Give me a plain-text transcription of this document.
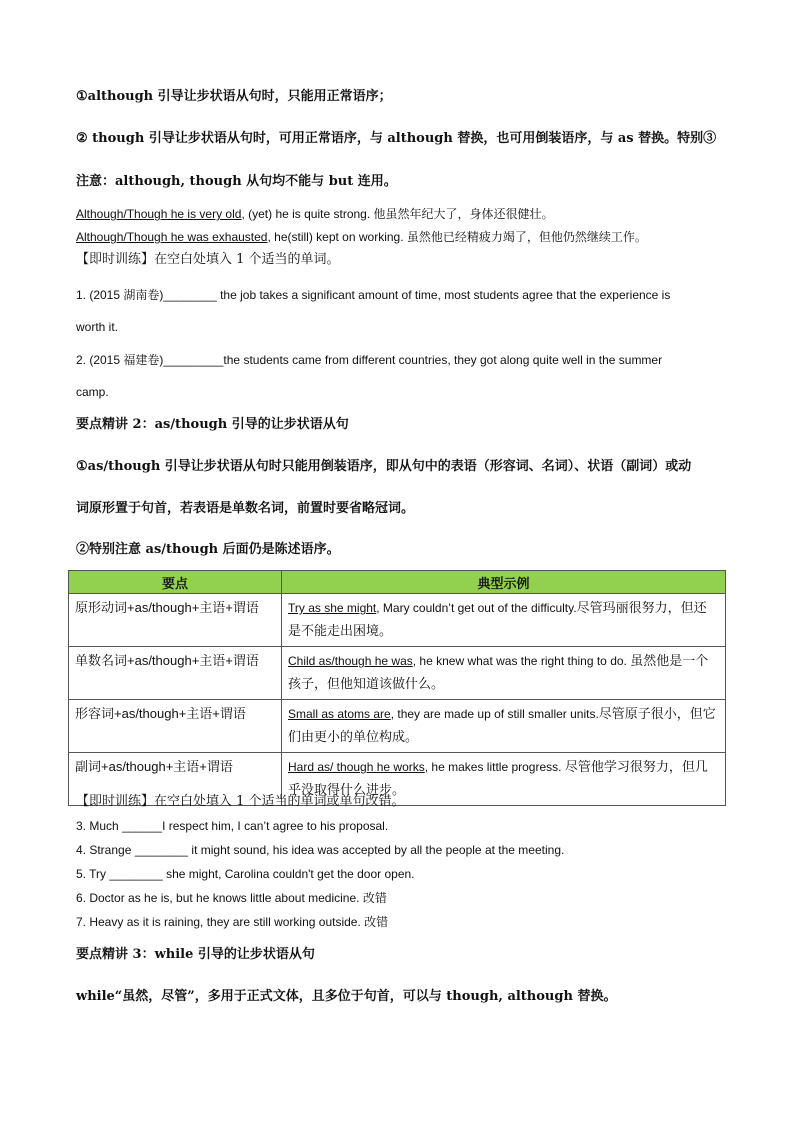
①although 引导让步状语从句时，只能用正常语序；
② though 引导让步状语从句时，可用正常语序，与 although 替换，也可用倒装语序，与 as 替换。特别③
注意：although, though 从句均不能与 but 连用。
Although/Though he is very old, (yet) he is quite strong. 他虽然年纪大了，身体还很健壮。
Although/Though he was exhausted, he(still) kept on working. 虽然他已经精疲力竭了，但他仍然继续工作。
【即时训练】在空白处填入 1 个适当的单词。
1. (2015 湖南卷)________ the job takes a significant amount of time, most students agree that the experience is
worth it.
2. (2015 福建卷)_________the students came from different countries, they got along quite well in the summer
camp.
要点精讲 2：as/though 引导的让步状语从句
①as/though 引导让步状语从句时只能用倒装语序，即从句中的表语（形容词、名词）、状语（副词）或动
词原形置于句首，若表语是单数名词，前置时要省略冠词。
②特别注意 as/though 后面仍是陈述语序。
要点	典型示例
原形动词+as/though+主语+谓语	Try as she might, Mary couldn’t get out of the difficulty.尽管玛丽很努力，但还是不能走出困境。
单数名词+as/though+主语+谓语	Child as/though he was, he knew what was the right thing to do. 虽然他是一个孩子，但他知道该做什么。
形容词+as/though+主语+谓语	Small as atoms are, they are made up of still smaller units.尽管原子很小，但它们由更小的单位构成。
副词+as/though+主语+谓语	Hard as/ though he works, he makes little progress. 尽管他学习很努力，但几乎没取得什么进步。
【即时训练】在空白处填入 1 个适当的单词或单句改错。
3. Much ______I respect him, I can’t agree to his proposal.
4. Strange ________ it might sound, his idea was accepted by all the people at the meeting.
5. Try ________ she might, Carolina couldn't get the door open.
6. Doctor as he is, but he knows little about medicine. 改错
7. Heavy as it is raining, they are still working outside. 改错
要点精讲 3：while 引导的让步状语从句
while“虽然，尽管”，多用于正式文体，且多位于句首，可以与 though, although 替换。
